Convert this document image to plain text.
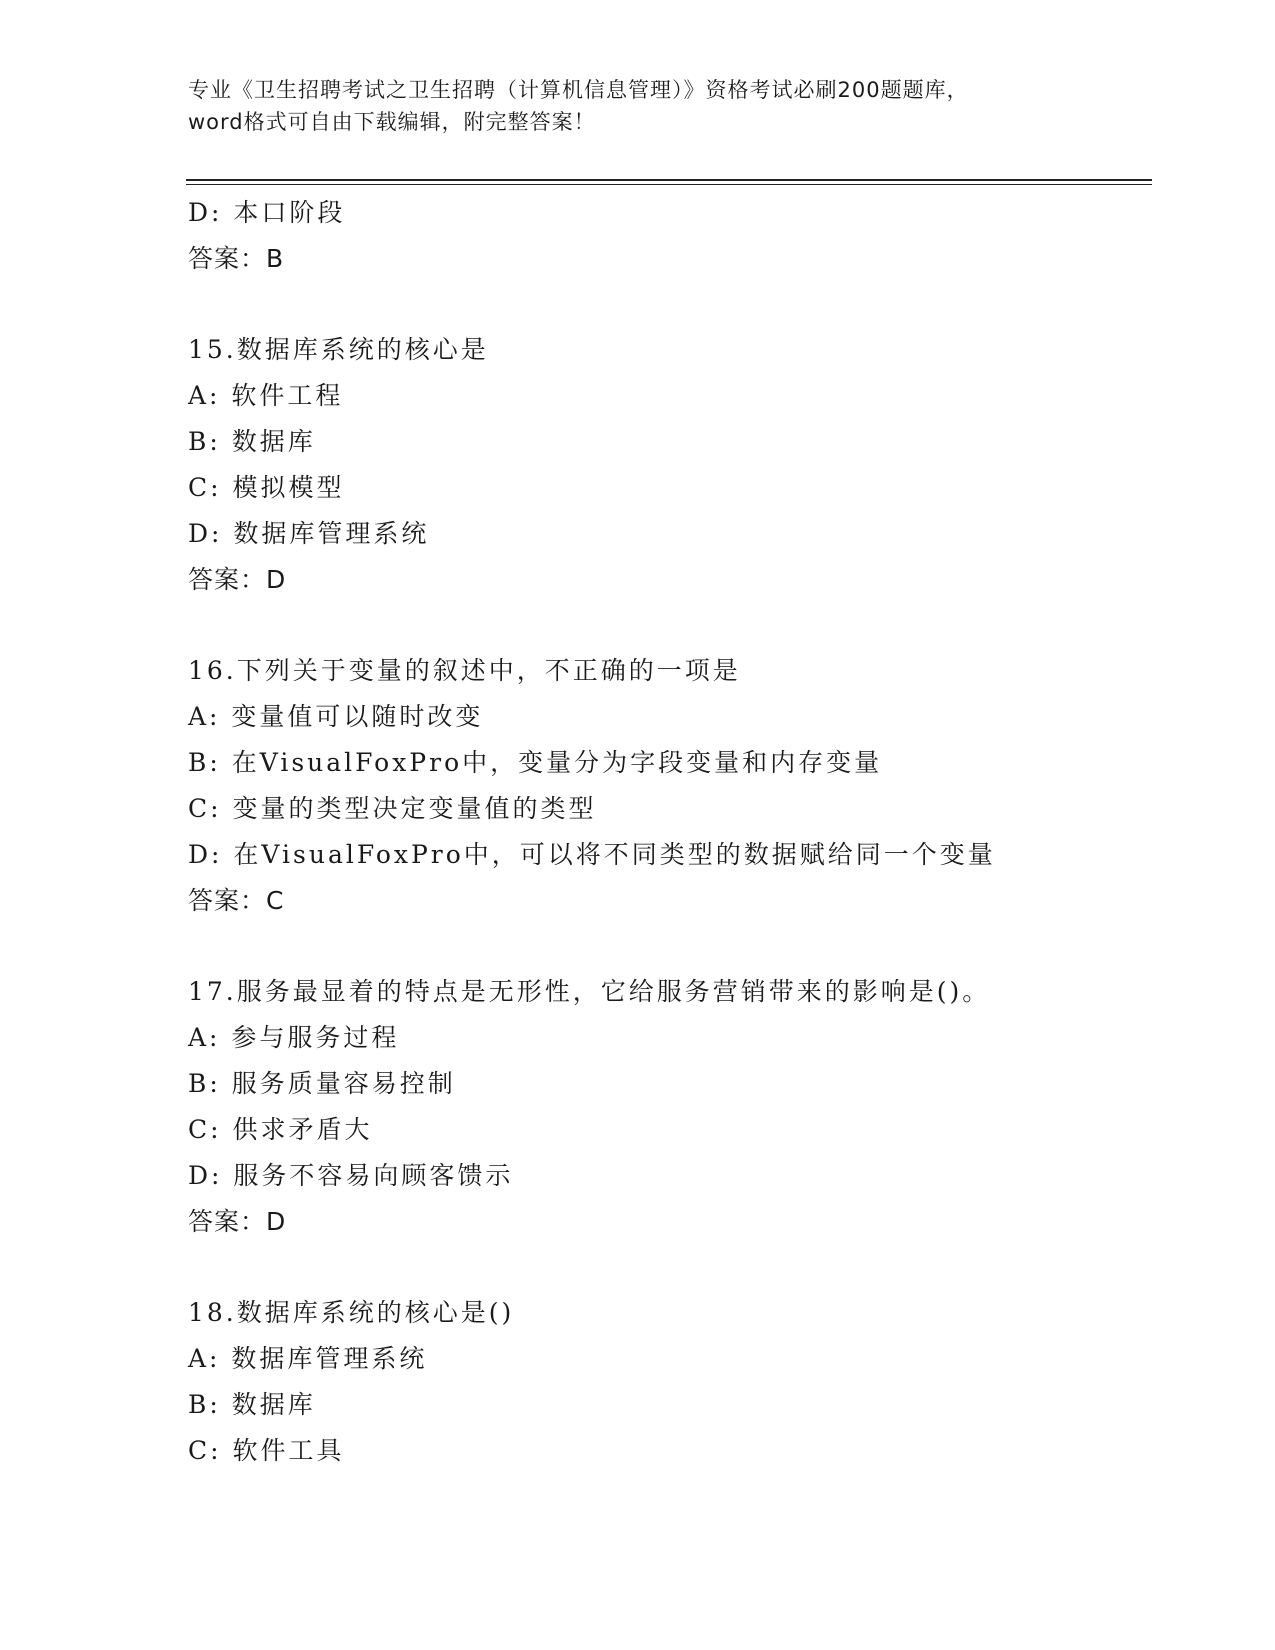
专业《卫生招聘考试之卫生招聘（计算机信息管理）》资格考试必刷200题题库，
word格式可自由下载编辑，附完整答案！
D: 本口阶段
答案：B
15.数据库系统的核心是
A: 软件工程
B: 数据库
C: 模拟模型
D: 数据库管理系统
答案：D
16.下列关于变量的叙述中，不正确的一项是
A: 变量值可以随时改变
B: 在VisualFoxPro中，变量分为字段变量和内存变量
C: 变量的类型决定变量值的类型
D: 在VisualFoxPro中，可以将不同类型的数据赋给同一个变量
答案：C
17.服务最显着的特点是无形性，它给服务营销带来的影响是()。
A: 参与服务过程
B: 服务质量容易控制
C: 供求矛盾大
D: 服务不容易向顾客馈示
答案：D
18.数据库系统的核心是()
A: 数据库管理系统
B: 数据库
C: 软件工具
